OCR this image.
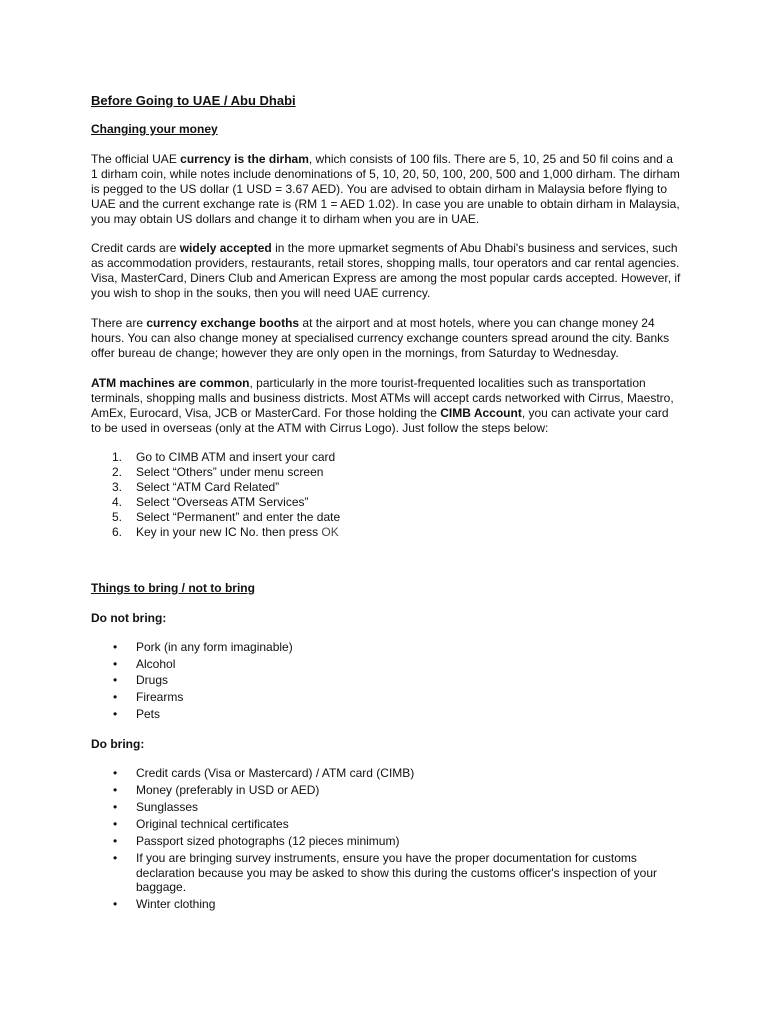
Before Going to UAE / Abu Dhabi
Changing your money

The official UAE currency is the dirham, which consists of 100 fils. There are 5, 10, 25 and 50 fil coins and a 1 dirham coin, while notes include denominations of 5, 10, 20, 50, 100, 200, 500 and 1,000 dirham. The dirham is pegged to the US dollar (1 USD = 3.67 AED). You are advised to obtain dirham in Malaysia before flying to UAE and the current exchange rate is (RM 1 = AED 1.02). In case you are unable to obtain dirham in Malaysia, you may obtain US dollars and change it to dirham when you are in UAE.

Credit cards are widely accepted in the more upmarket segments of Abu Dhabi's business and services, such as accommodation providers, restaurants, retail stores, shopping malls, tour operators and car rental agencies. Visa, MasterCard, Diners Club and American Express are among the most popular cards accepted. However, if you wish to shop in the souks, then you will need UAE currency.

There are currency exchange booths at the airport and at most hotels, where you can change money 24 hours. You can also change money at specialised currency exchange counters spread around the city. Banks offer bureau de change; however they are only open in the mornings, from Saturday to Wednesday.

ATM machines are common, particularly in the more tourist-frequented localities such as transportation terminals, shopping malls and business districts. Most ATMs will accept cards networked with Cirrus, Maestro, AmEx, Eurocard, Visa, JCB or MasterCard. For those holding the CIMB Account, you can activate your card to be used in overseas (only at the ATM with Cirrus Logo). Just follow the steps below:

1. Go to CIMB ATM and insert your card
2. Select “Others” under menu screen
3. Select “ATM Card Related”
4. Select “Overseas ATM Services”
5. Select “Permanent” and enter the date
6. Key in your new IC No. then press OK
Things to bring / not to bring
Do not bring:
• Pork (in any form imaginable)
• Alcohol
• Drugs
• Firearms
• Pets
Do bring:
• Credit cards (Visa or Mastercard) / ATM card (CIMB)
• Money (preferably in USD or AED)
• Sunglasses
• Original technical certificates
• Passport sized photographs (12 pieces minimum)
• If you are bringing survey instruments, ensure you have the proper documentation for customs declaration because you may be asked to show this during the customs officer's inspection of your baggage.
• Winter clothing
